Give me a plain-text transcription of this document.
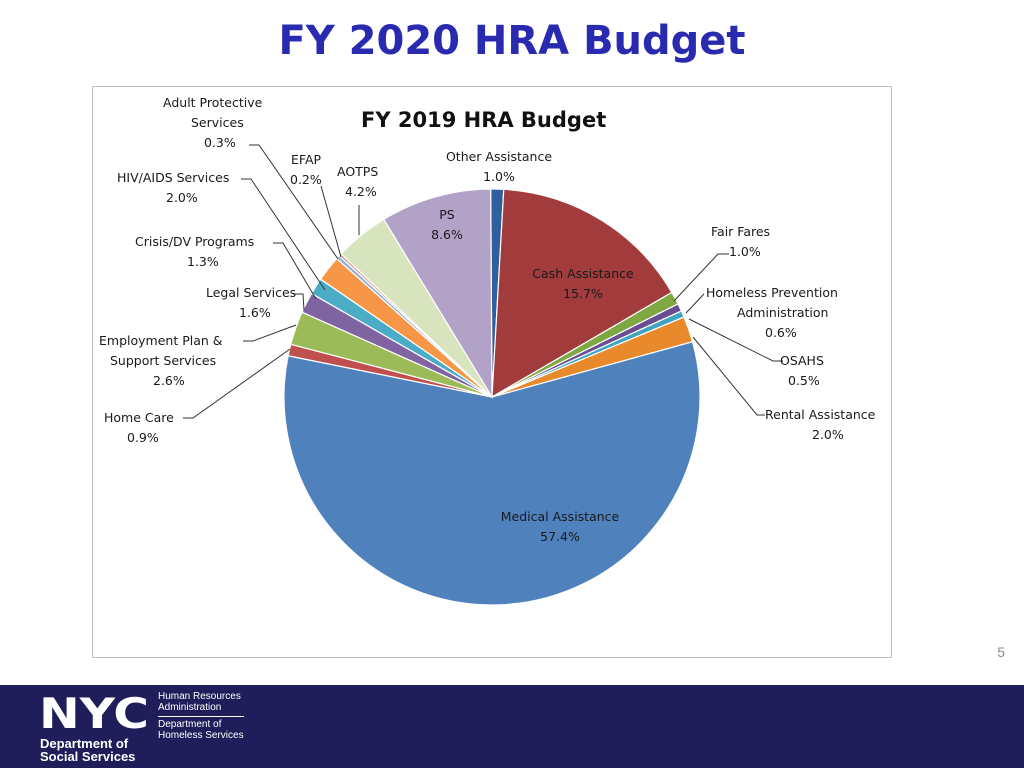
FY 2020 HRA Budget
FY 2019 HRA Budget
Other Assistance 1.0%
Cash Assistance 15.7%
Fair Fares 1.0%
Homeless Prevention Administration 0.6%
OSAHS 0.5%
Rental Assistance 2.0%
Medical Assistance 57.4%
Home Care 0.9%
Employment Plan & Support Services 2.6%
Legal Services 1.6%
Crisis/DV Programs 1.3%
HIV/AIDS Services 2.0%
Adult Protective Services 0.3%
EFAP 0.2%
AOTPS 4.2%
PS 8.6%
5
NYC
Department of
Social Services
Human Resources
Administration
Department of
Homeless Services
